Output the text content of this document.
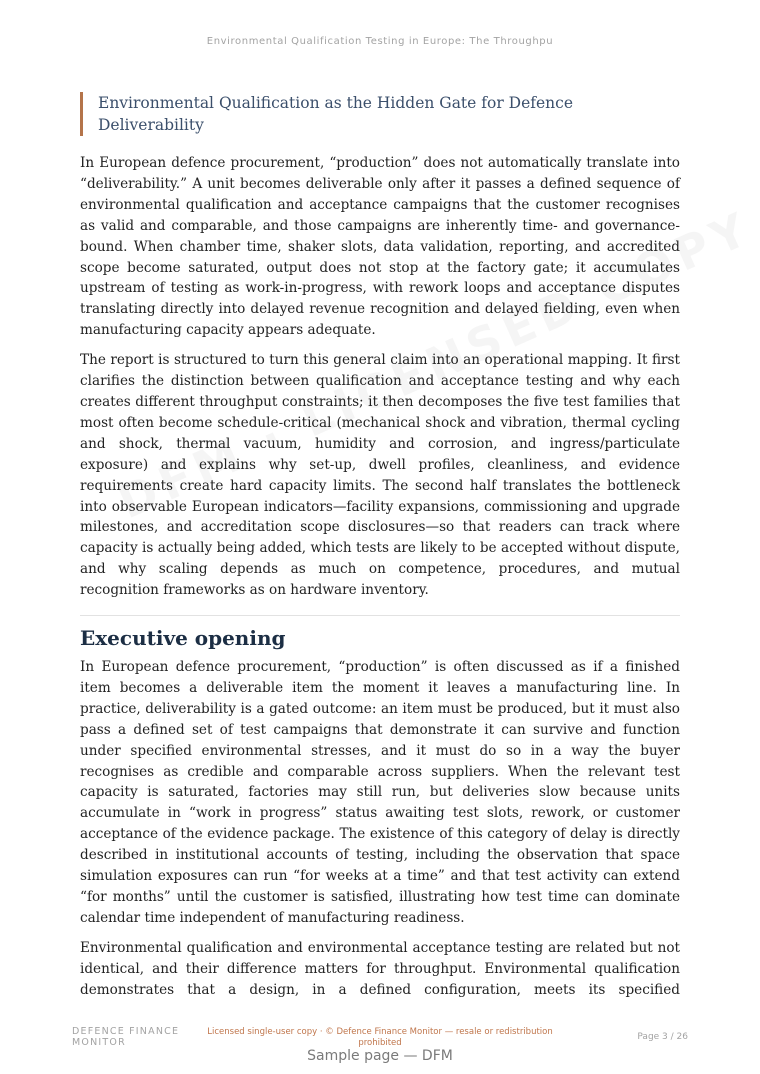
Environmental Qualification Testing in Europe: The Throughpu
Environmental Qualification as the Hidden Gate for Defence Deliverability

In European defence procurement, “production” does not automatically translate into “deliverability.” A unit becomes deliverable only after it passes a defined sequence of environmental qualification and acceptance campaigns that the customer recognises as valid and comparable, and those campaigns are inherently time- and governance-bound. When chamber time, shaker slots, data validation, reporting, and accredited scope become saturated, output does not stop at the factory gate; it accumulates upstream of testing as work-in-progress, with rework loops and acceptance disputes translating directly into delayed revenue recognition and delayed fielding, even when manufacturing capacity appears adequate.

The report is structured to turn this general claim into an operational mapping. It first clarifies the distinction between qualification and acceptance testing and why each creates different throughput constraints; it then decomposes the five test families that most often become schedule-critical (mechanical shock and vibration, thermal cycling and shock, thermal vacuum, humidity and corrosion, and ingress/particulate exposure) and explains why set-up, dwell profiles, cleanliness, and evidence requirements create hard capacity limits. The second half translates the bottleneck into observable European indicators—facility expansions, commissioning and upgrade milestones, and accreditation scope disclosures—so that readers can track where capacity is actually being added, which tests are likely to be accepted without dispute, and why scaling depends as much on competence, procedures, and mutual recognition frameworks as on hardware inventory.

Executive opening

In European defence procurement, “production” is often discussed as if a finished item becomes a deliverable item the moment it leaves a manufacturing line. In practice, deliverability is a gated outcome: an item must be produced, but it must also pass a defined set of test campaigns that demonstrate it can survive and function under specified environmental stresses, and it must do so in a way the buyer recognises as credible and comparable across suppliers. When the relevant test capacity is saturated, factories may still run, but deliveries slow because units accumulate in “work in progress” status awaiting test slots, rework, or customer acceptance of the evidence package. The existence of this category of delay is directly described in institutional accounts of testing, including the observation that space simulation exposures can run “for weeks at a time” and that test activity can extend “for months” until the customer is satisfied, illustrating how test time can dominate calendar time independent of manufacturing readiness.

Environmental qualification and environmental acceptance testing are related but not identical, and their difference matters for throughput. Environmental qualification demonstrates that a design, in a defined configuration, meets its specified

DEFENCE FINANCE MONITOR
Licensed single-user copy · © Defence Finance Monitor — resale or redistribution prohibited
Page 3 / 26
Sample page — DFM
